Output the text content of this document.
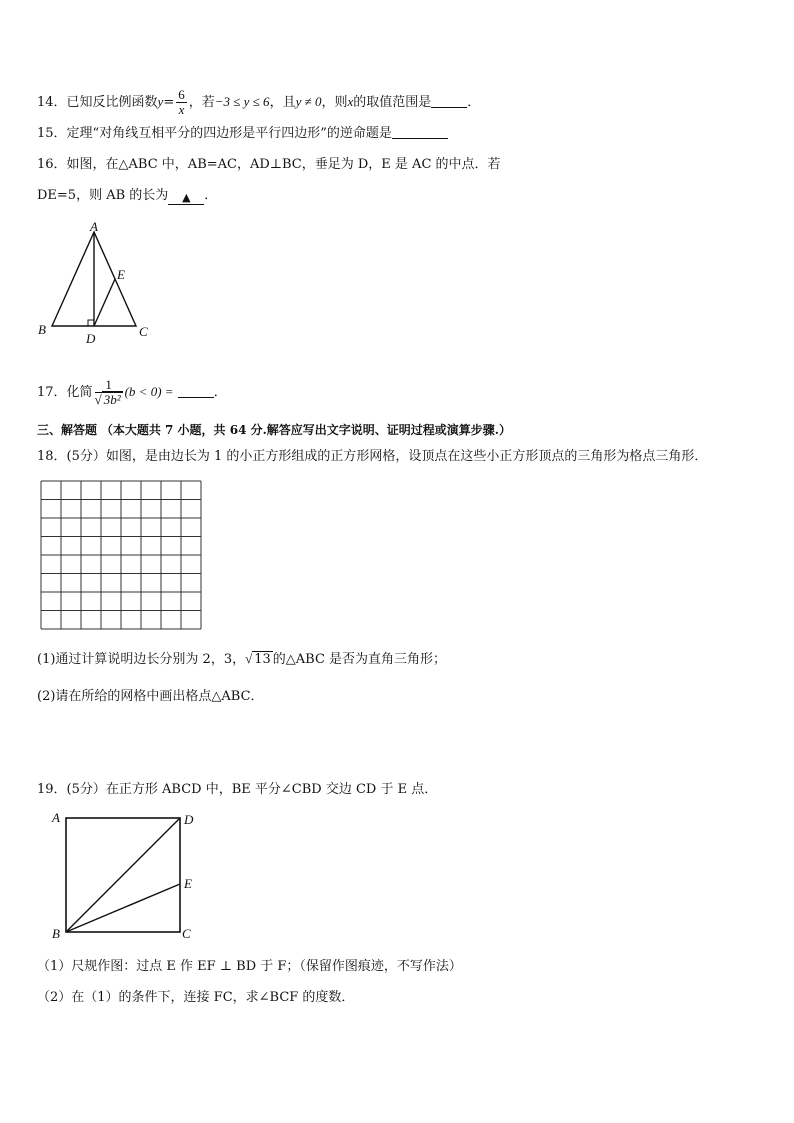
14．已知反比例函数$y= \frac{6}{x}$ ，若−3 ≤ y ≤ 6，且y ≠ 0，则x的取值范围是	．
15．定理“对角线互相平分的四边形是平行四边形”的逆命题是
16．如图，在△ABC 中，AB=AC，AD⊥BC，垂足为 D，E 是 AC 的中点．若
DE=5，则 AB 的长为 ▲ ．
A
B	C
D
E
17．化简 $\frac{1}{\text{√ 3b²}} (b < 0)$ =	．
三、解答题 （本大题共 7 小题，共 64 分.解答应写出文字说明、证明过程或演算步骤.）
18．(5分）如图，是由边长为 1 的小正方形组成的正方形网格，设顶点在这些小正方形顶点的三角形为格点三角形．
(1)通过计算说明边长分别为 2，3，√ 13 的△ABC 是否为直角三角形；
(2)请在所给的网格中画出格点△ABC．
19．(5分）在正方形 ABCD 中，BE 平分∠CBD 交边 CD 于 E 点．
A	D
E
B	C
（1）尺规作图：过点 E 作 EF ⊥ BD 于 F；（保留作图痕迹，不写作法）
（2）在（1）的条件下，连接 FC，求∠BCF 的度数．
